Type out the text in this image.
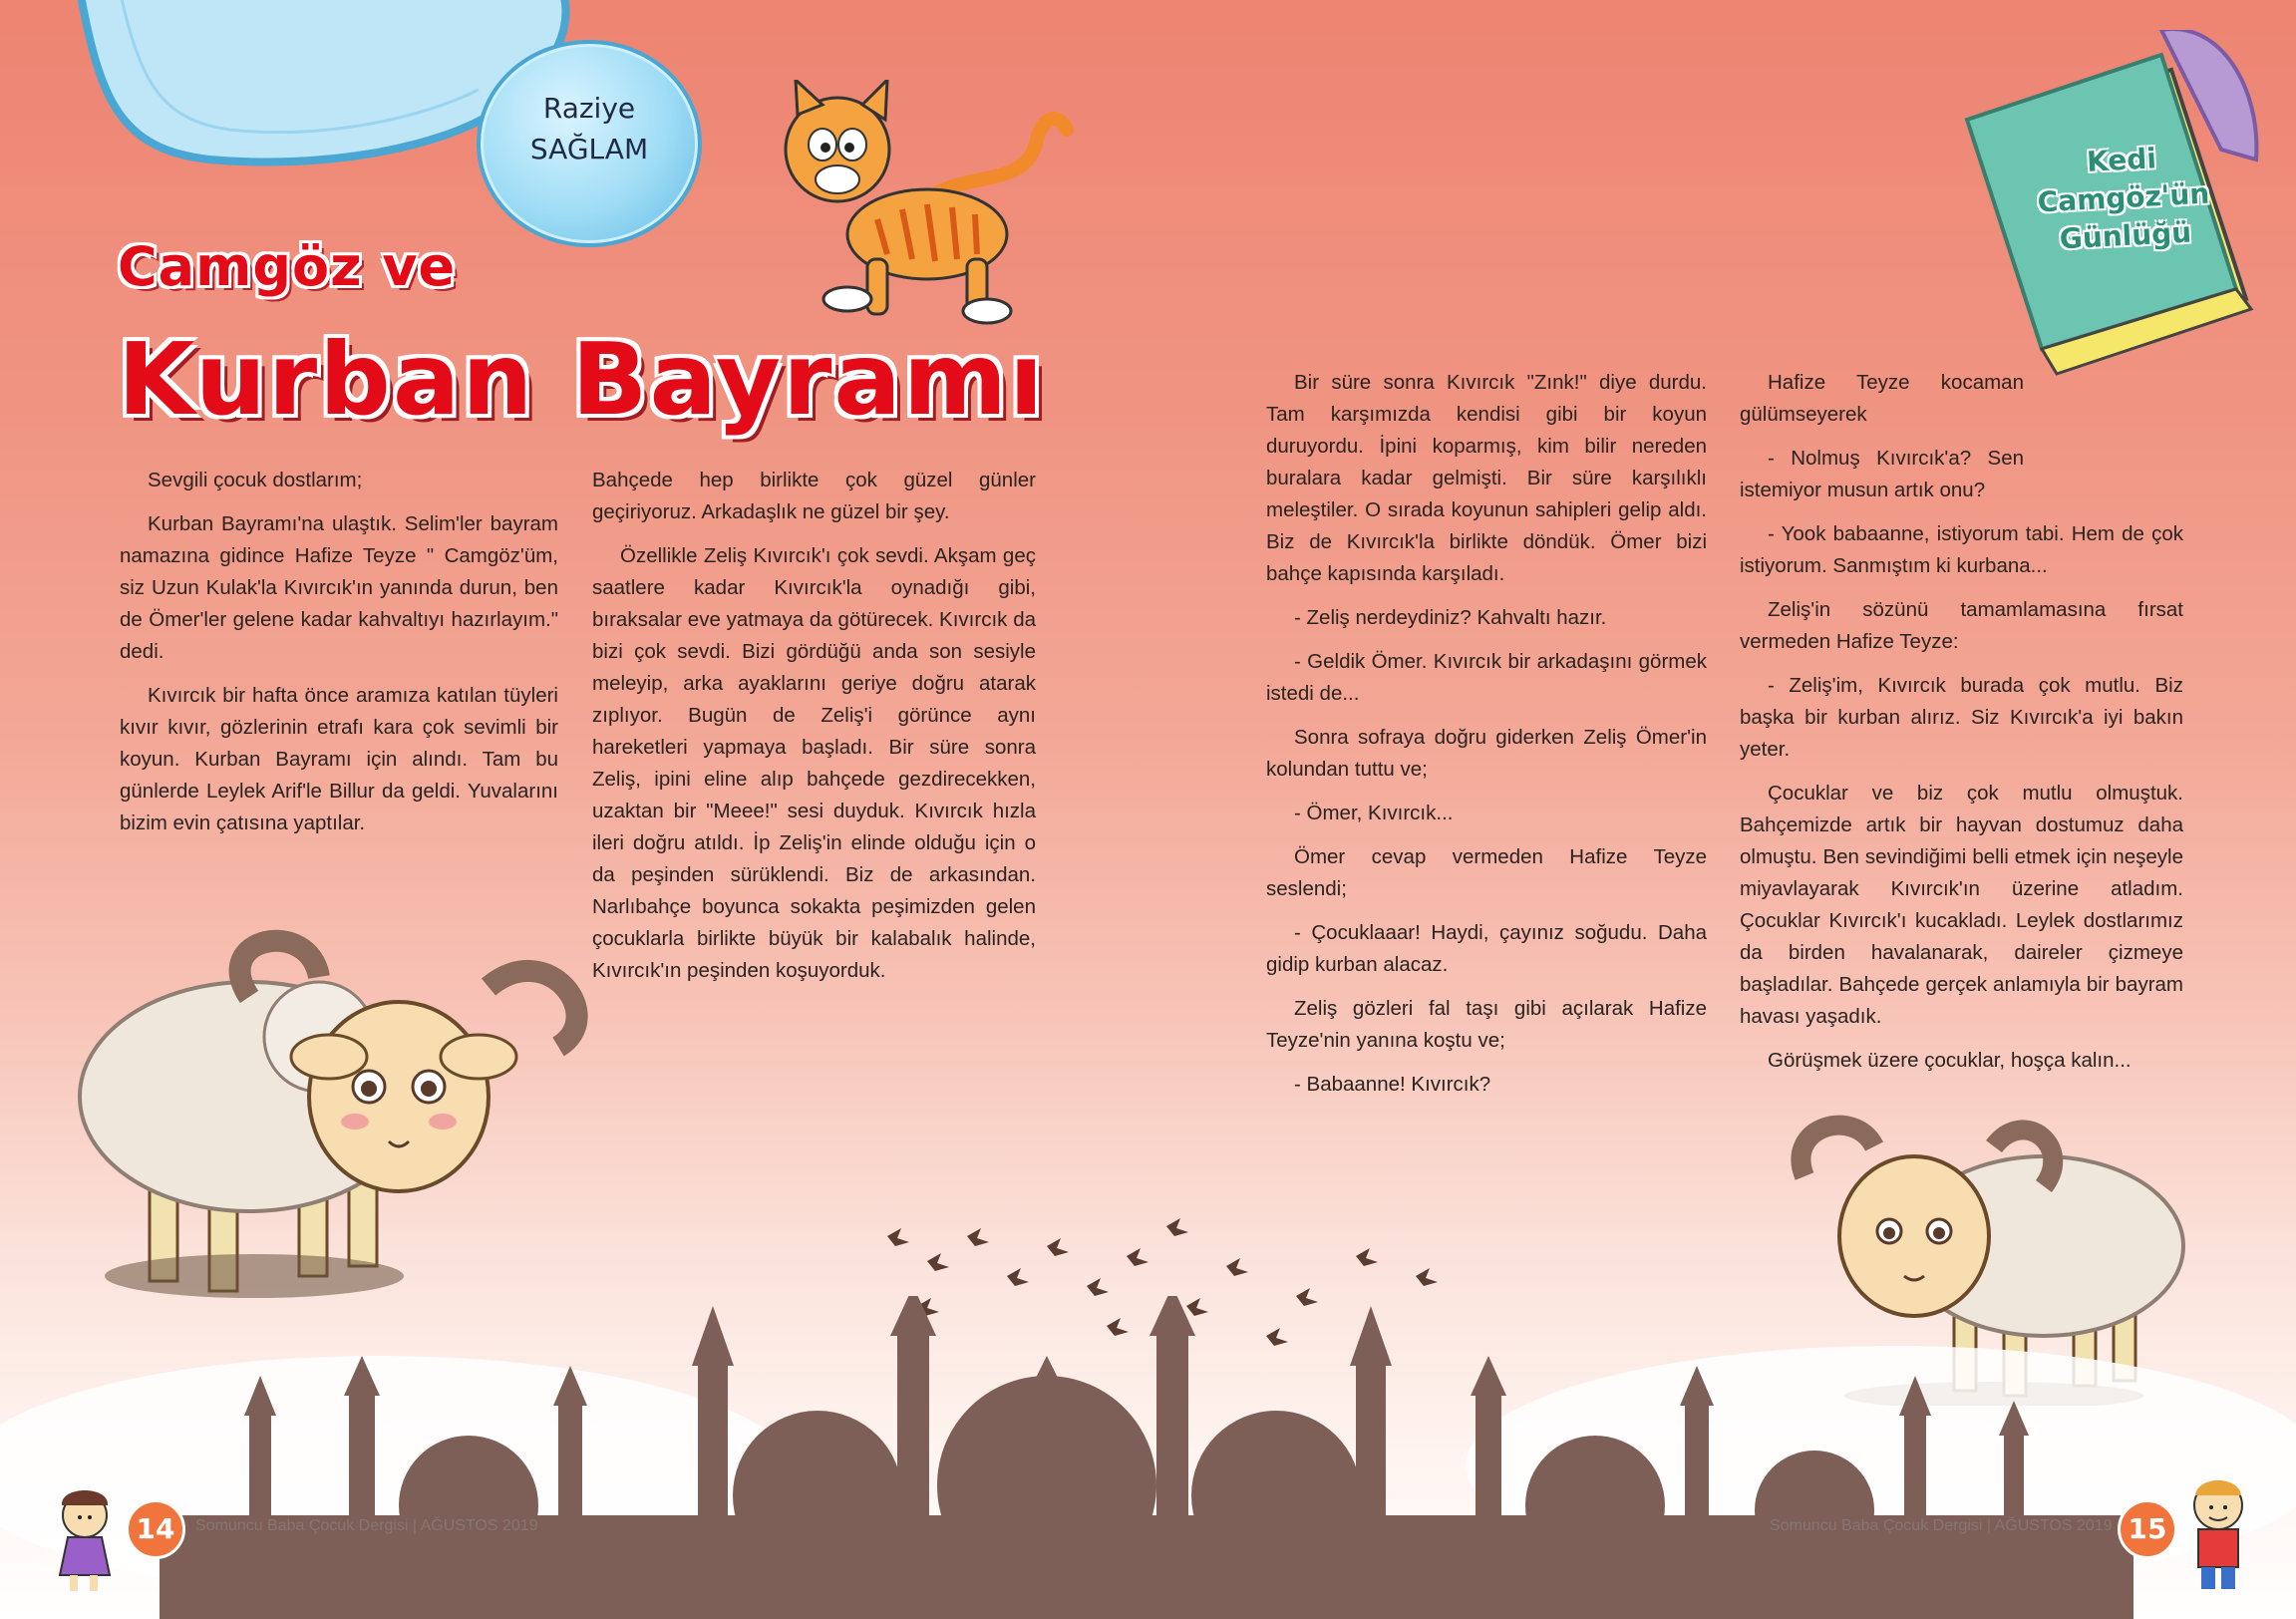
Raziye
SAĞLAM
Camgöz ve
Kurban Bayramı
Kedi
Camgöz'ün
Günlüğü

Sevgili çocuk dostlarım;

Kurban Bayramı'na ulaştık. Selim'ler bayram namazına gidince Hafize Teyze " Camgöz'üm, siz Uzun Kulak'la Kıvırcık'ın yanında durun, ben de Ömer'ler gelene kadar kahvaltıyı hazırlayım." dedi.

Kıvırcık bir hafta önce aramıza katılan tüyleri kıvır kıvır, gözlerinin etrafı kara çok sevimli bir koyun. Kurban Bayramı için alındı. Tam bu günlerde Leylek Arif'le Billur da geldi. Yuvalarını bizim evin çatısına yaptılar.

Bahçede hep birlikte çok güzel günler geçiriyoruz. Arkadaşlık ne güzel bir şey.

Özellikle Zeliş Kıvırcık'ı çok sevdi. Akşam geç saatlere kadar Kıvırcık'la oynadığı gibi, bıraksalar eve yatmaya da götürecek. Kıvırcık da bizi çok sevdi. Bizi gördüğü anda son sesiyle meleyip, arka ayaklarını geriye doğru atarak zıplıyor. Bugün de Zeliş'i görünce aynı hareketleri yapmaya başladı. Bir süre sonra Zeliş, ipini eline alıp bahçede gezdirecekken, uzaktan bir "Meee!" sesi duyduk. Kıvırcık hızla ileri doğru atıldı. İp Zeliş'in elinde olduğu için o da peşinden sürüklendi. Biz de arkasından. Narlıbahçe boyunca sokakta peşimizden gelen çocuklarla birlikte büyük bir kalabalık halinde, Kıvırcık'ın peşinden koşuyorduk.

Bir süre sonra Kıvırcık "Zınk!" diye durdu. Tam karşımızda kendisi gibi bir koyun duruyordu. İpini koparmış, kim bilir nereden buralara kadar gelmişti. Bir süre karşılıklı meleştiler. O sırada koyunun sahipleri gelip aldı. Biz de Kıvırcık'la birlikte döndük. Ömer bizi bahçe kapısında karşıladı.

- Zeliş nerdeydiniz? Kahvaltı hazır.

- Geldik Ömer. Kıvırcık bir arkadaşını görmek istedi de...

Sonra sofraya doğru giderken Zeliş Ömer'in kolundan tuttu ve;

- Ömer, Kıvırcık...

Ömer cevap vermeden Hafize Teyze seslendi;

- Çocuklaaar! Haydi, çayınız soğudu. Daha gidip kurban alacaz.

Zeliş gözleri fal taşı gibi açılarak Hafize Teyze'nin yanına koştu ve;

- Babaanne! Kıvırcık?

Hafize Teyze kocaman gülümseyerek

- Nolmuş Kıvırcık'a? Sen istemiyor musun artık onu?

- Yook babaanne, istiyorum tabi. Hem de çok istiyorum. Sanmıştım ki kurbana...

Zeliş'in sözünü tamamlamasına fırsat vermeden Hafize Teyze:

- Zeliş'im, Kıvırcık burada çok mutlu. Biz başka bir kurban alırız. Siz Kıvırcık'a iyi bakın yeter.

Çocuklar ve biz çok mutlu olmuştuk. Bahçemizde artık bir hayvan dostumuz daha olmuştu. Ben sevindiğimi belli etmek için neşeyle miyavlayarak Kıvırcık'ın üzerine atladım. Çocuklar Kıvırcık'ı kucakladı. Leylek dostlarımız da birden havalanarak, daireler çizmeye başladılar. Bahçede gerçek anlamıyla bir bayram havası yaşadık.

Görüşmek üzere çocuklar, hoşça kalın...

14	Somuncu Baba Çocuk Dergisi | AĞUSTOS 2019	Somuncu Baba Çocuk Dergisi | AĞUSTOS 2019 15
